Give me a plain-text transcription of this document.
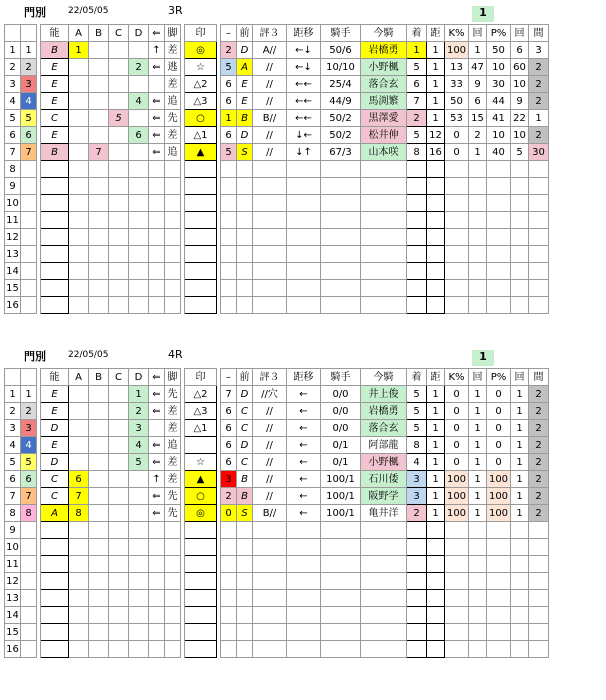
門別 22/05/05	3R	1
			能	A	B	C	D	⇐	脚		印		–	前	評３	距移	騎手	今騎	着	距	K%	回	P%	回	間
1	1		B	1				↑	差		◎		2	D	A//	←↓	50/6	岩橋勇	1	1	100	1	50	6	3
2	2		E				2	⇐	逃		☆		5	A	//	←↓	10/10	小野楓	5	1	13	47	10	60	2
3	3		E						差		△2		6	E	//	←←	25/4	落合玄	6	1	33	9	30	10	2
4	4		E				4	⇐	追		△3		6	E	//	←←	44/9	馬渕繁	7	1	50	6	44	9	2
5	5		C			5		⇐	先		○		1	B	B//	←←	50/2	黒澤愛	2	1	53	15	41	22	1
6	6		E				6	⇐	差		△1		6	D	//	↓←	50/2	松井伸	5	12	0	2	10	10	2
7	7		B		7			⇐	追		▲		5	S	//	↓↑	67/3	山本咲	8	16	0	1	40	5	30
8																									
9																									
10																									
11																									
12																									
13																									
14																									
15																									
16																									
門別 22/05/05	4R	1
			能	A	B	C	D	⇐	脚		印		–	前	評３	距移	騎手	今騎	着	距	K%	回	P%	回	間
1	1		E				1	⇐	先		△2		7	D	//穴	←	0/0	井上俊	5	1	0	1	0	1	2
2	2		E				2	⇐	差		△3		6	C	//	←	0/0	岩橋勇	5	1	0	1	0	1	2
3	3		D				3		差		△1		6	C	//	←	0/0	落合玄	5	1	0	1	0	1	2
4	4		E				4	⇐	追				6	D	//	←	0/1	阿部龍	8	1	0	1	0	1	2
5	5		D				5	⇐	差		☆		6	C	//	←	0/1	小野楓	4	1	0	1	0	1	2
6	6		C	6				↑	差		▲		3	B	//	←	100/1	石川倭	3	1	100	1	100	1	2
7	7		C	7				⇐	先		○		2	B	//	←	100/1	阪野学	3	1	100	1	100	1	2
8	8		A	8				⇐	先		◎		0	S	B//	←	100/1	亀井洋	2	1	100	1	100	1	2
9																									
10																									
11																									
12																									
13																									
14																									
15																									
16																									
